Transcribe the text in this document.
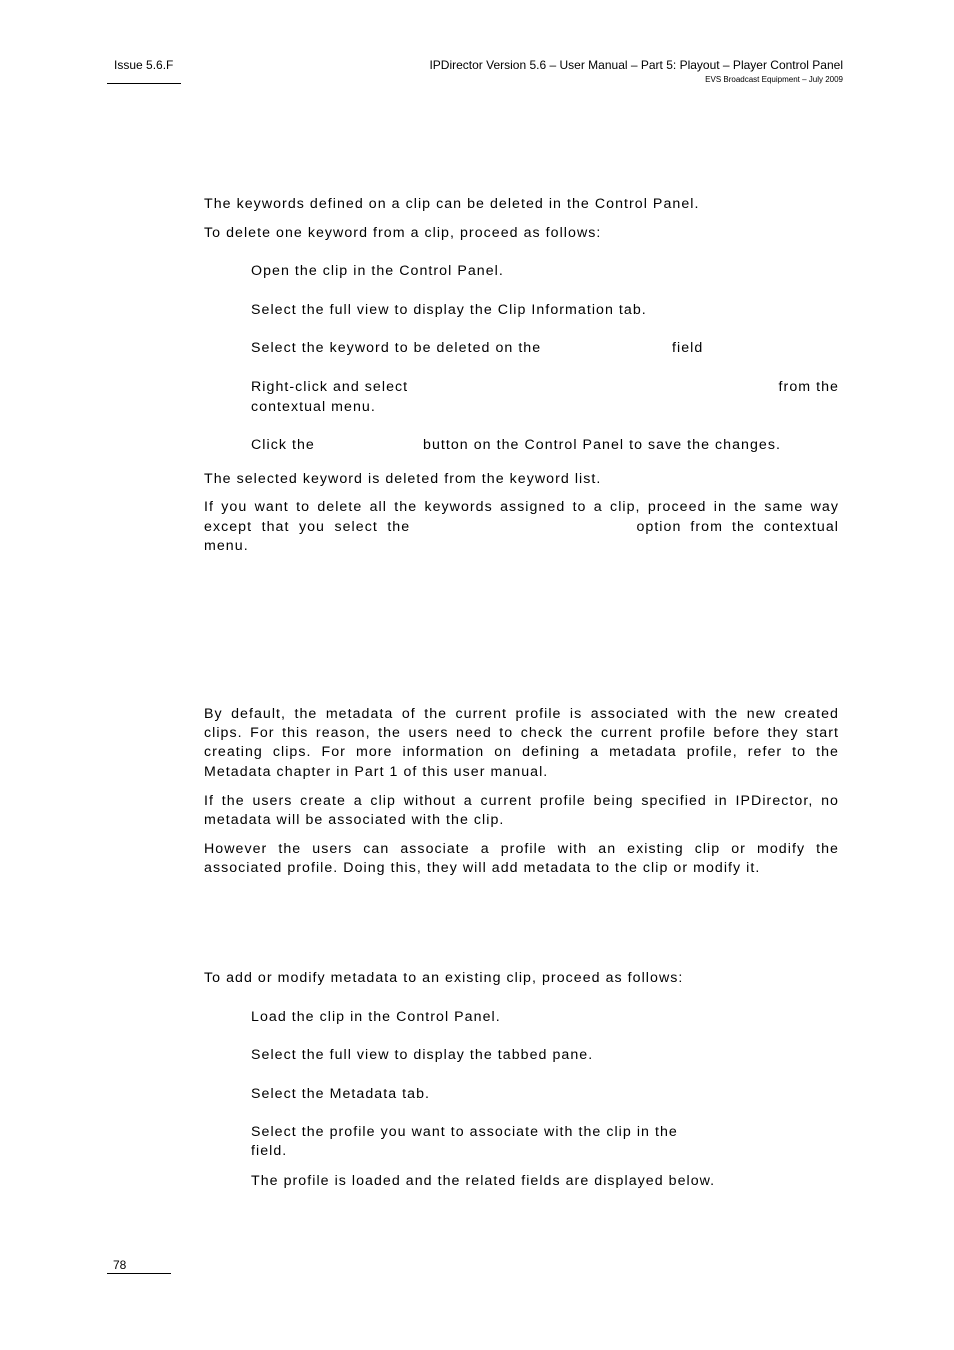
Issue 5.6.F	IPDirector Version 5.6 – User Manual – Part 5: Playout – Player Control Panel
EVS Broadcast Equipment – July 2009
The keywords defined on a clip can be deleted in the Control Panel.
To delete one keyword from a clip, proceed as follows:
Open the clip in the Control Panel.
Select the full view to display the Clip Information tab.
Select the keyword to be deleted on the	field
Right-click and select	from the
contextual menu.
Click the	button on the Control Panel to save the changes.
The selected keyword is deleted from the keyword list.
If you want to delete all the keywords assigned to a clip, proceed in the same way
except that you select the	option from the contextual
menu.
By default, the metadata of the current profile is associated with the new created
clips. For this reason, the users need to check the current profile before they start
creating clips. For more information on defining a metadata profile, refer to the
Metadata chapter in Part 1 of this user manual.
If the users create a clip without a current profile being specified in IPDirector, no
metadata will be associated with the clip.
However the users can associate a profile with an existing clip or modify the
associated profile. Doing this, they will add metadata to the clip or modify it.
To add or modify metadata to an existing clip, proceed as follows:
Load the clip in the Control Panel.
Select the full view to display the tabbed pane.
Select the Metadata tab.
Select the profile you want to associate with the clip in the
field.
The profile is loaded and the related fields are displayed below.
78
